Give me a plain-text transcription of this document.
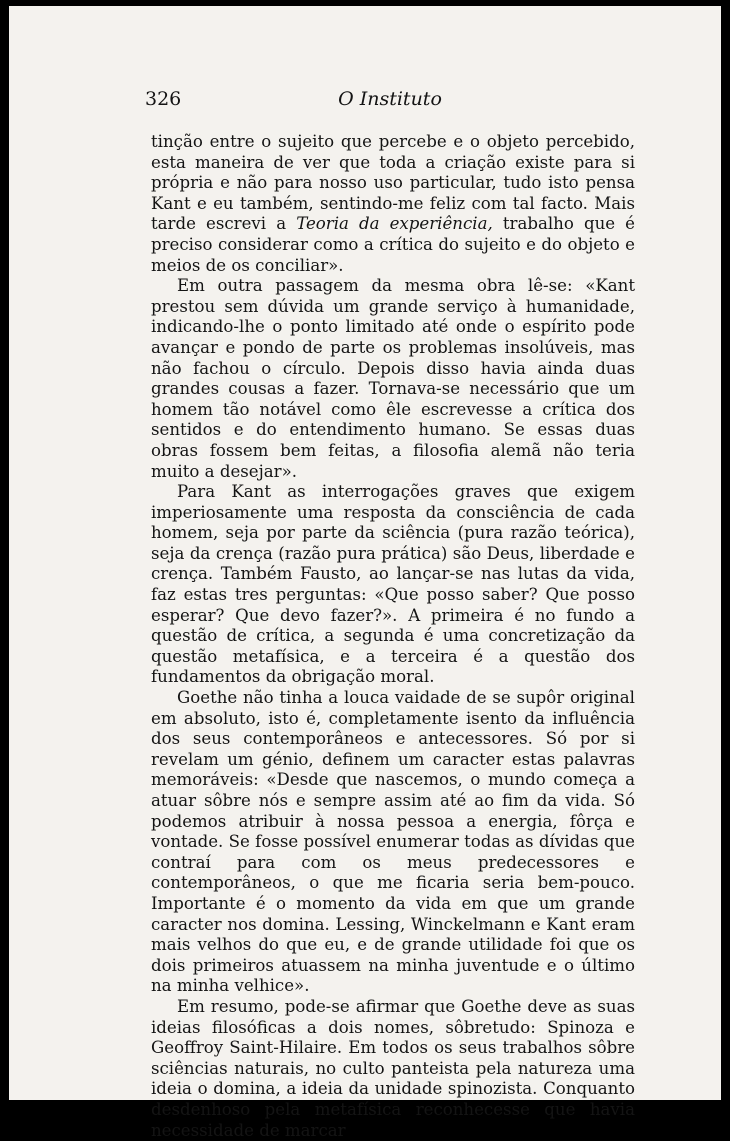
326	O Instituto

tinção entre o sujeito que percebe e o objeto percebido, esta maneira de ver que toda a criação existe para si própria e não para nosso uso particular, tudo isto pensa Kant e eu também, sentindo-me feliz com tal facto. Mais tarde escrevi a Teoria da experiência, trabalho que é preciso considerar como a crítica do sujeito e do objeto e meios de os conciliar».

Em outra passagem da mesma obra lê-se: «Kant prestou sem dúvida um grande serviço à humanidade, indicando-lhe o ponto limitado até onde o espírito pode avançar e pondo de parte os problemas insolúveis, mas não fachou o círculo. Depois disso havia ainda duas grandes cousas a fazer. Tornava-se necessário que um homem tão notável como êle escrevesse a crítica dos sentidos e do entendimento humano. Se essas duas obras fossem bem feitas, a filosofia alemã não teria muito a desejar».

Para Kant as interrogações graves que exigem imperiosamente uma resposta da consciência de cada homem, seja por parte da sciência (pura razão teórica), seja da crença (razão pura prática) são Deus, liberdade e crença. Também Fausto, ao lançar-se nas lutas da vida, faz estas tres perguntas: «Que posso saber? Que posso esperar? Que devo fazer?». A primeira é no fundo a questão de crítica, a segunda é uma concretização da questão metafísica, e a terceira é a questão dos fundamentos da obrigação moral.

Goethe não tinha a louca vaidade de se supôr original em absoluto, isto é, completamente isento da influência dos seus contemporâneos e antecessores. Só por si revelam um génio, definem um caracter estas palavras memoráveis: «Desde que nascemos, o mundo começa a atuar sôbre nós e sempre assim até ao fim da vida. Só podemos atribuir à nossa pessoa a energia, fôrça e vontade. Se fosse possível enumerar todas as dívidas que contraí para com os meus predecessores e contemporâneos, o que me ficaria seria bem-pouco. Importante é o momento da vida em que um grande caracter nos domina. Lessing, Winckelmann e Kant eram mais velhos do que eu, e de grande utilidade foi que os dois primeiros atuassem na minha juventude e o último na minha velhice».

Em resumo, pode-se afirmar que Goethe deve as suas ideias filosóficas a dois nomes, sôbretudo: Spinoza e Geoffroy Saint-Hilaire. Em todos os seus trabalhos sôbre sciências naturais, no culto panteista pela natureza uma ideia o domina, a ideia da unidade spinozista. Conquanto desdenhoso pela metafísica reconhecesse que havia necessidade de marcar
